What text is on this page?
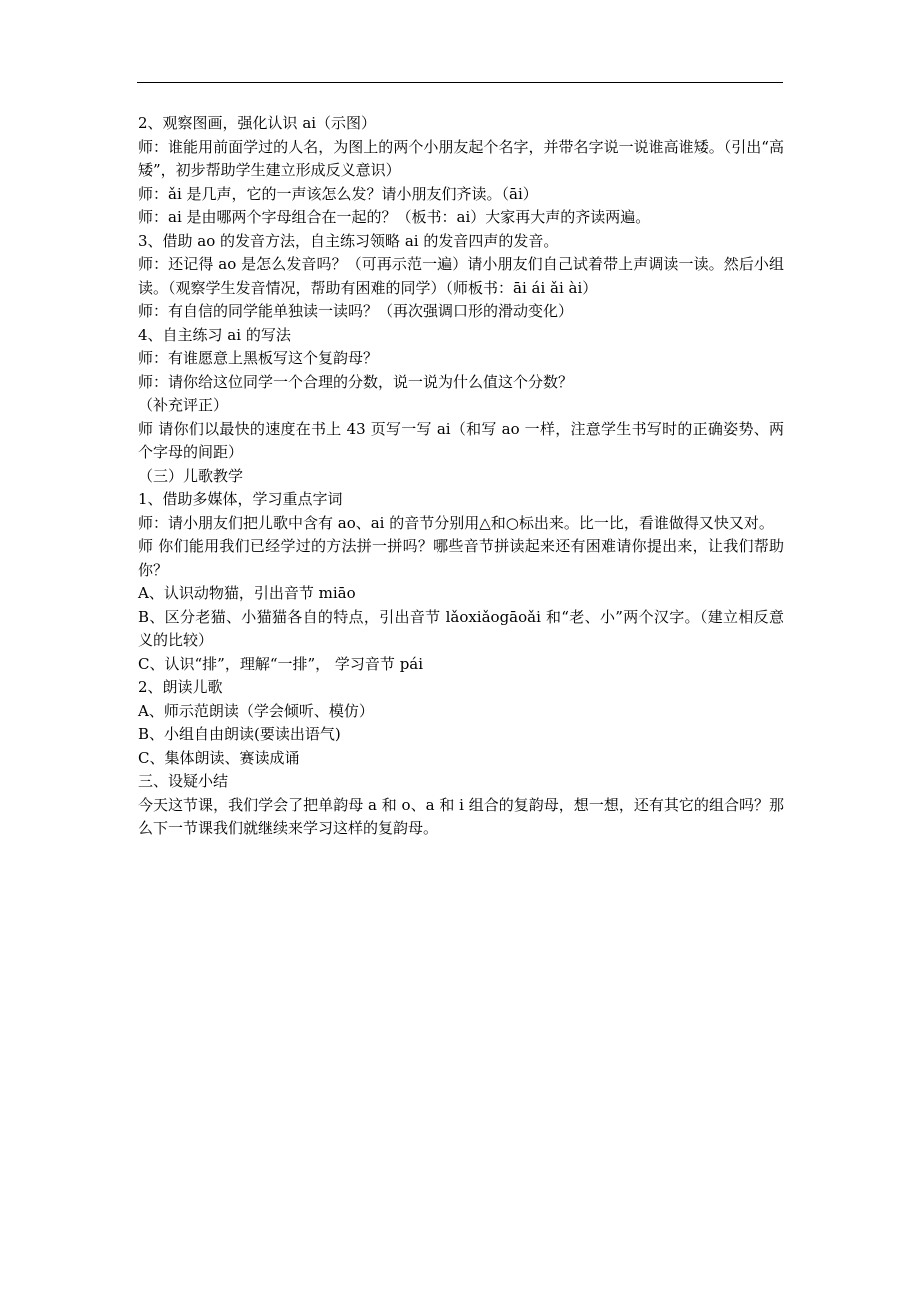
2、观察图画，强化认识 ai（示图）

师：谁能用前面学过的人名，为图上的两个小朋友起个名字，并带名字说一说谁高谁矮。（引出“高矮”，初步帮助学生建立形成反义意识）

师：ǎi 是几声，它的一声该怎么发？请小朋友们齐读。（āi）

师：ai 是由哪两个字母组合在一起的？（板书：ai）大家再大声的齐读两遍。

3、借助 ao 的发音方法，自主练习领略 ai 的发音四声的发音。

师：还记得 ao 是怎么发音吗？（可再示范一遍）请小朋友们自己试着带上声调读一读。然后小组读。（观察学生发音情况，帮助有困难的同学）（师板书：āi ái ǎi ài）

师：有自信的同学能单独读一读吗？（再次强调口形的滑动变化）

4、自主练习 ai 的写法

师：有谁愿意上黑板写这个复韵母？

师：请你给这位同学一个合理的分数，说一说为什么值这个分数？

（补充评正）

师 请你们以最快的速度在书上 43 页写一写 ai（和写 ao 一样，注意学生书写时的正确姿势、两个字母的间距）

（三）儿歌教学

1、借助多媒体，学习重点字词

师：请小朋友们把儿歌中含有 ao、ai 的音节分别用△和○标出来。比一比，看谁做得又快又对。

师 你们能用我们已经学过的方法拼一拼吗？哪些音节拼读起来还有困难请你提出来，让我们帮助你？

A、认识动物猫，引出音节 miāo

B、区分老猫、小猫猫各自的特点，引出音节 lǎoxiǎogāoǎi 和“老、小”两个汉字。（建立相反意义的比较）

C、认识“排”，理解“一排”， 学习音节 pái

2、朗读儿歌

A、师示范朗读（学会倾听、模仿）

B、小组自由朗读(要读出语气)

C、集体朗读、赛读成诵

三、设疑小结

今天这节课，我们学会了把单韵母 a 和 o、a 和 i 组合的复韵母，想一想，还有其它的组合吗？那么下一节课我们就继续来学习这样的复韵母。
